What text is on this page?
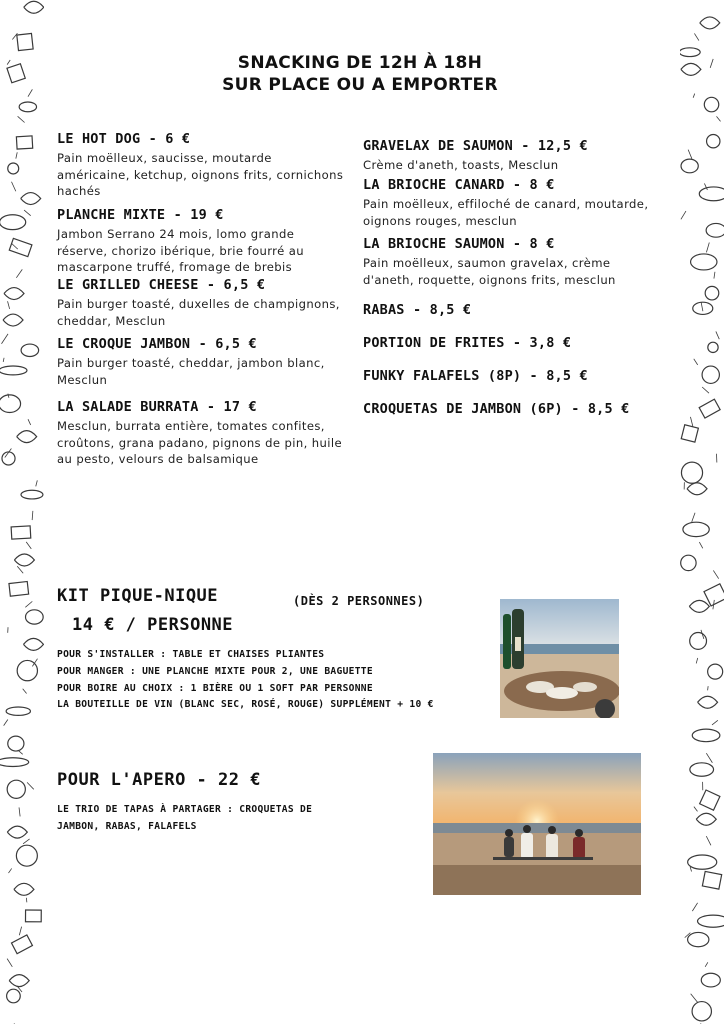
SNACKING DE 12H À 18H
SUR PLACE OU A EMPORTER
LE HOT DOG - 6 €
Pain moëlleux, saucisse, moutarde américaine, ketchup, oignons frits, cornichons hachés
PLANCHE MIXTE - 19 €
Jambon Serrano 24 mois, lomo grande réserve, chorizo ibérique, brie fourré au mascarpone truffé, fromage de brebis
LE GRILLED CHEESE - 6,5 €
Pain burger toasté, duxelles de champignons, cheddar, Mesclun
LE CROQUE JAMBON - 6,5 €
Pain burger toasté, cheddar, jambon blanc, Mesclun
LA SALADE BURRATA - 17 €
Mesclun, burrata entière, tomates confites, croûtons, grana padano, pignons de pin, huile au pesto, velours de balsamique
GRAVELAX DE SAUMON - 12,5 €
Crème d'aneth, toasts, Mesclun
LA BRIOCHE CANARD - 8 €
Pain moëlleux, effiloché de canard, moutarde, oignons rouges, mesclun
LA BRIOCHE SAUMON - 8 €
Pain moëlleux, saumon gravelax, crème d'aneth, roquette, oignons frits, mesclun
RABAS - 8,5 €
PORTION DE FRITES - 3,8 €
FUNKY FALAFELS (8P) - 8,5 €
CROQUETAS DE JAMBON (6P) - 8,5 €
KIT PIQUE-NIQUE	(DÈS 2 PERSONNES)
14 € / PERSONNE
POUR S'INSTALLER : TABLE ET CHAISES PLIANTES
POUR MANGER : UNE PLANCHE MIXTE POUR 2, UNE BAGUETTE
POUR BOIRE AU CHOIX : 1 BIÈRE OU 1 SOFT PAR PERSONNE
LA BOUTEILLE DE VIN (BLANC SEC, ROSÉ, ROUGE) SUPPLÉMENT + 10 €
POUR L'APERO - 22 €
LE TRIO DE TAPAS À PARTAGER : CROQUETAS DE
JAMBON, RABAS, FALAFELS
